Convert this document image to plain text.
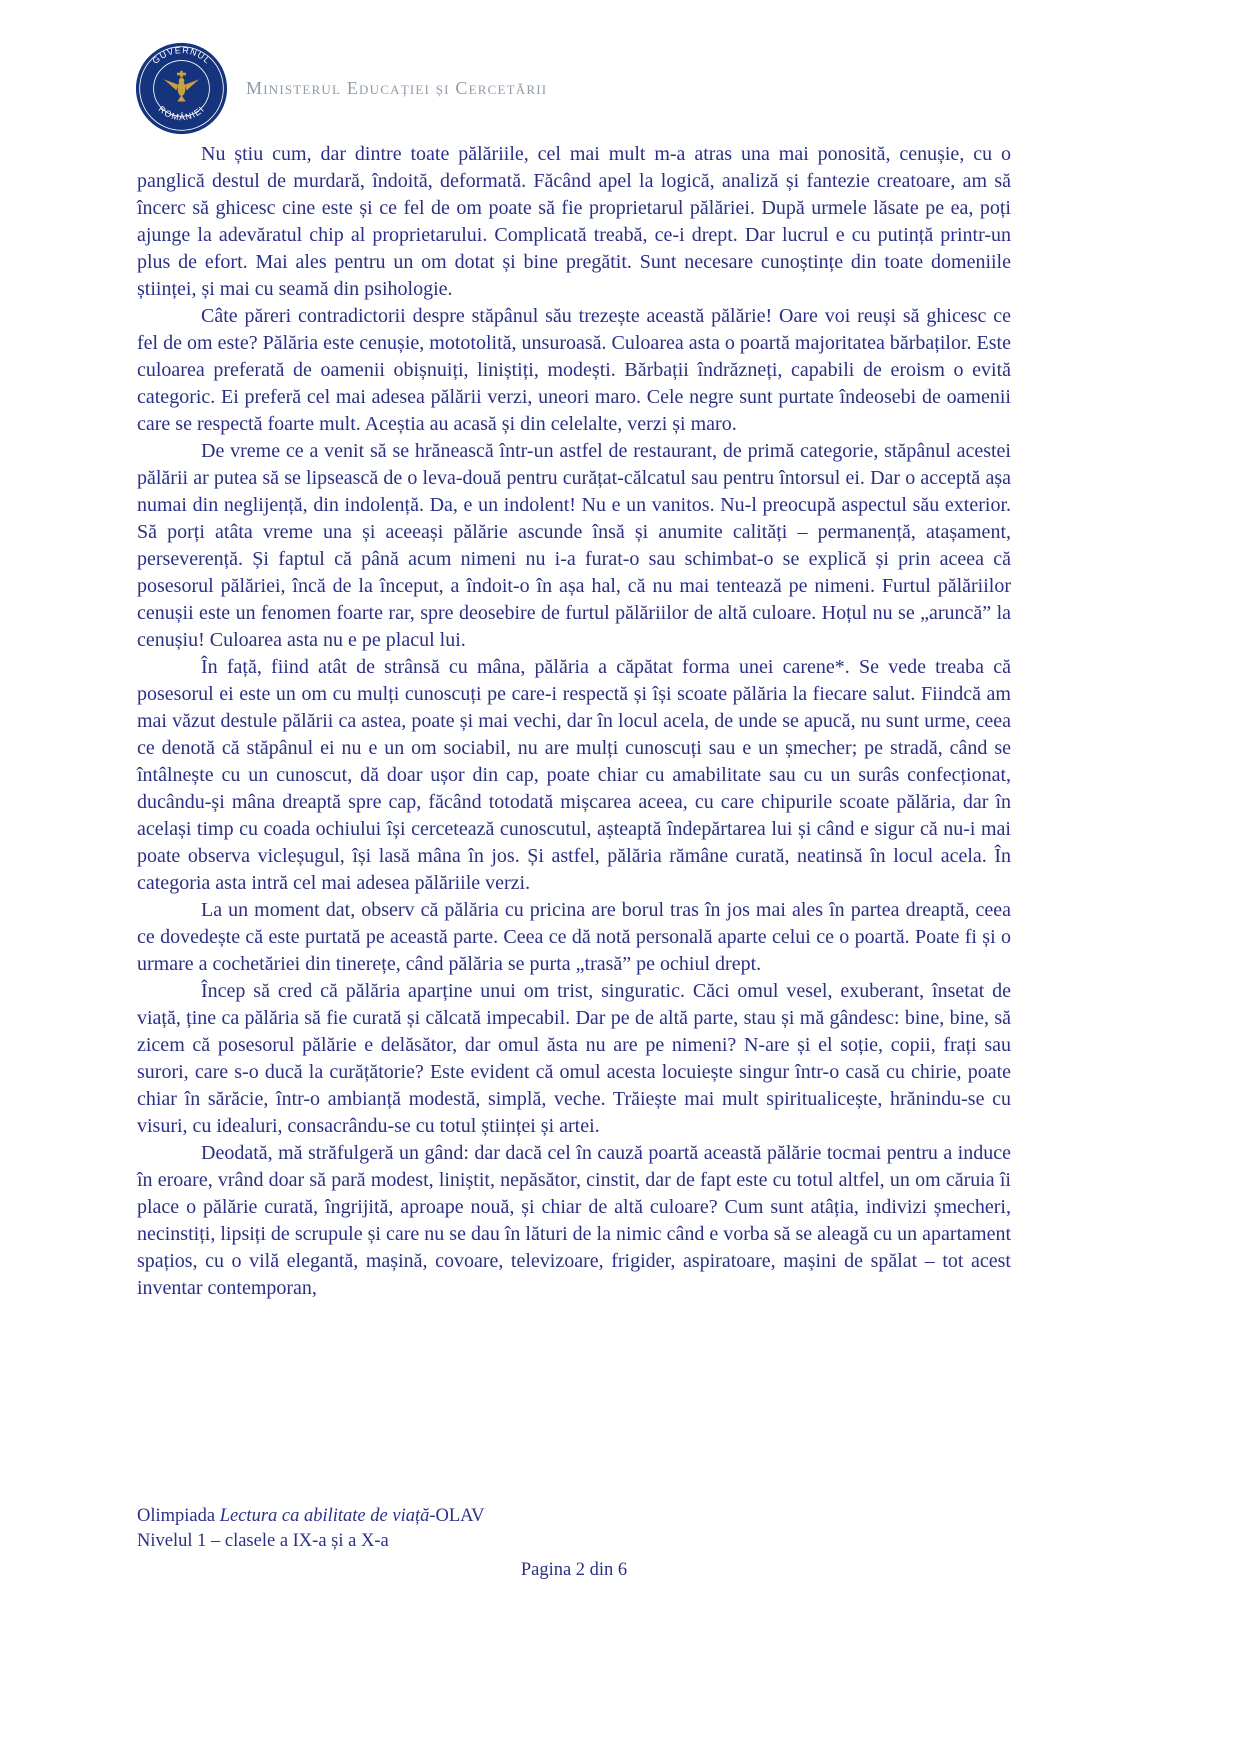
GUVERNUL
ROMÂNIEI
Ministerul Educației și Cercetării

Nu știu cum, dar dintre toate pălăriile, cel mai mult m-a atras una mai ponosită, cenușie, cu o panglică destul de murdară, îndoită, deformată. Făcând apel la logică, analiză și fantezie creatoare, am să încerc să ghicesc cine este și ce fel de om poate să fie proprietarul pălăriei. După urmele lăsate pe ea, poți ajunge la adevăratul chip al proprietarului. Complicată treabă, ce-i drept. Dar lucrul e cu putință printr-un plus de efort. Mai ales pentru un om dotat și bine pregătit. Sunt necesare cunoștințe din toate domeniile științei, și mai cu seamă din psihologie.

Câte păreri contradictorii despre stăpânul său trezește această pălărie! Oare voi reuși să ghicesc ce fel de om este? Pălăria este cenușie, mototolită, unsuroasă. Culoarea asta o poartă majoritatea bărbaților. Este culoarea preferată de oamenii obișnuiți, liniștiți, modești. Bărbații îndrăzneți, capabili de eroism o evită categoric. Ei preferă cel mai adesea pălării verzi, uneori maro. Cele negre sunt purtate îndeosebi de oamenii care se respectă foarte mult. Aceștia au acasă și din celelalte, verzi și maro.

De vreme ce a venit să se hrănească într-un astfel de restaurant, de primă categorie, stăpânul acestei pălării ar putea să se lipsească de o leva-două pentru curățat-călcatul sau pentru întorsul ei. Dar o acceptă așa numai din neglijență, din indolență. Da, e un indolent! Nu e un vanitos. Nu-l preocupă aspectul său exterior. Să porți atâta vreme una și aceeași pălărie ascunde însă și anumite calități – permanență, atașament, perseverență. Și faptul că până acum nimeni nu i-a furat-o sau schimbat-o se explică și prin aceea că posesorul pălăriei, încă de la început, a îndoit-o în așa hal, că nu mai tentează pe nimeni. Furtul pălăriilor cenușii este un fenomen foarte rar, spre deosebire de furtul pălăriilor de altă culoare. Hoțul nu se „aruncă” la cenușiu! Culoarea asta nu e pe placul lui.

În față, fiind atât de strânsă cu mâna, pălăria a căpătat forma unei carene*. Se vede treaba că posesorul ei este un om cu mulți cunoscuți pe care-i respectă și își scoate pălăria la fiecare salut. Fiindcă am mai văzut destule pălării ca astea, poate și mai vechi, dar în locul acela, de unde se apucă, nu sunt urme, ceea ce denotă că stăpânul ei nu e un om sociabil, nu are mulți cunoscuți sau e un șmecher; pe stradă, când se întâlnește cu un cunoscut, dă doar ușor din cap, poate chiar cu amabilitate sau cu un surâs confecționat, ducându-și mâna dreaptă spre cap, făcând totodată mișcarea aceea, cu care chipurile scoate pălăria, dar în același timp cu coada ochiului își cercetează cunoscutul, așteaptă îndepărtarea lui și când e sigur că nu-i mai poate observa vicleșugul, își lasă mâna în jos. Și astfel, pălăria rămâne curată, neatinsă în locul acela. În categoria asta intră cel mai adesea pălăriile verzi.

La un moment dat, observ că pălăria cu pricina are borul tras în jos mai ales în partea dreaptă, ceea ce dovedește că este purtată pe această parte. Ceea ce dă notă personală aparte celui ce o poartă. Poate fi și o urmare a cochetăriei din tinerețe, când pălăria se purta „trasă” pe ochiul drept.

Încep să cred că pălăria aparține unui om trist, singuratic. Căci omul vesel, exuberant, însetat de viață, ține ca pălăria să fie curată și călcată impecabil. Dar pe de altă parte, stau și mă gândesc: bine, bine, să zicem că posesorul pălărie e delăsător, dar omul ăsta nu are pe nimeni? N-are și el soție, copii, frați sau surori, care s-o ducă la curățătorie? Este evident că omul acesta locuiește singur într-o casă cu chirie, poate chiar în sărăcie, într-o ambianță modestă, simplă, veche. Trăiește mai mult spiritualicește, hrănindu-se cu visuri, cu idealuri, consacrându-se cu totul științei și artei.

Deodată, mă străfulgeră un gând: dar dacă cel în cauză poartă această pălărie tocmai pentru a induce în eroare, vrând doar să pară modest, liniștit, nepăsător, cinstit, dar de fapt este cu totul altfel, un om căruia îi place o pălărie curată, îngrijită, aproape nouă, și chiar de altă culoare? Cum sunt atâția, indivizi șmecheri, necinstiți, lipsiți de scrupule și care nu se dau în lături de la nimic când e vorba să se aleagă cu un apartament spațios, cu o vilă elegantă, mașină, covoare, televizoare, frigider, aspiratoare, mașini de spălat – tot acest inventar contemporan,

Olimpiada Lectura ca abilitate de viață-OLAV
Nivelul 1 – clasele a IX-a și a X-a
Pagina 2 din 6
